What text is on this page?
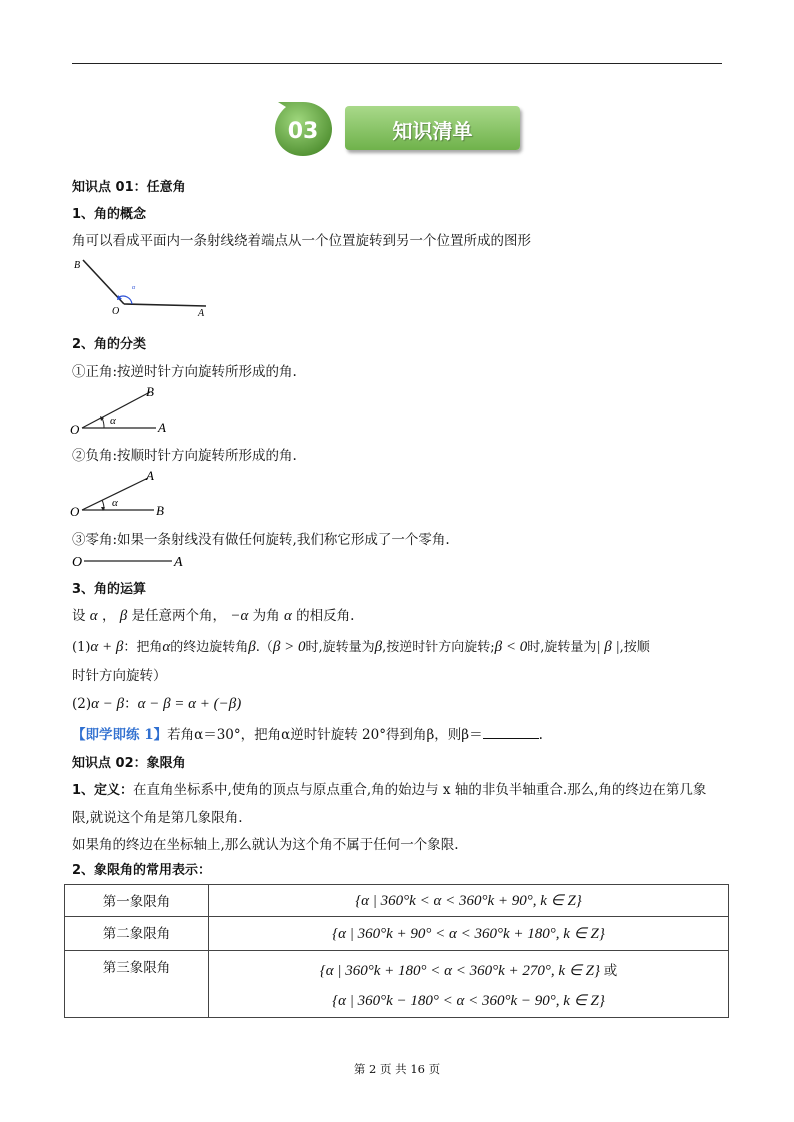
03	知识清单
知识点 01：任意角
1、角的概念
角可以看成平面内一条射线绕着端点从一个位置旋转到另一个位置所成的图形
B
O	A
α
2、角的分类
①正角:按逆时针方向旋转所形成的角.
B
O	A
α
②负角:按顺时针方向旋转所形成的角.
A
O	B
α
③零角:如果一条射线没有做任何旋转,我们称它形成了一个零角.
O	A
3、角的运算
设 α ， β 是任意两个角， −α 为角 α 的相反角.
(1)α + β：把角α的终边旋转角β.（β > 0时,旋转量为β,按逆时针方向旋转;β < 0时,旋转量为| β |,按顺
时针方向旋转）
(2)α − β：α − β = α + (−β)
【即学即练 1】若角α＝30°，把角α逆时针旋转 20°得到角β，则β＝	.
知识点 02：象限角
1、定义：在直角坐标系中,使角的顶点与原点重合,角的始边与 x 轴的非负半轴重合.那么,角的终边在第几象
限,就说这个角是第几象限角.
如果角的终边在坐标轴上,那么就认为这个角不属于任何一个象限.
2、象限角的常用表示：
第一象限角	{α | 360°k < α < 360°k + 90°, k ∈ Z}
第二象限角	{α | 360°k + 90° < α < 360°k + 180°, k ∈ Z}
第三象限角	{α | 360°k + 180° < α < 360°k + 270°, k ∈ Z} 或
{α | 360°k − 180° < α < 360°k − 90°, k ∈ Z}
第 2 页 共 16 页
